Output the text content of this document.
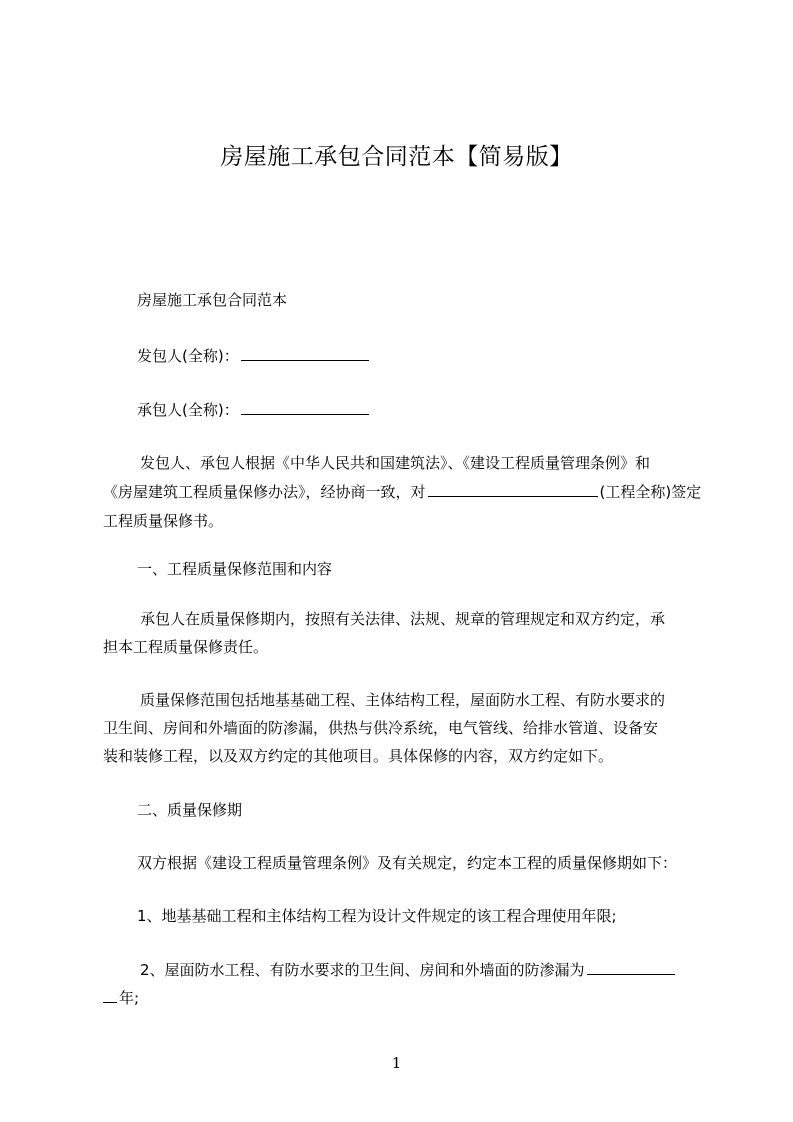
房屋施工承包合同范本【简易版】
房屋施工承包合同范本
发包人(全称)：
承包人(全称)：
发包人、承包人根据《中华人民共和国建筑法》、《建设工程质量管理条例》和
《房屋建筑工程质量保修办法》，经协商一致，对	(工程全称)签定
工程质量保修书。
一、工程质量保修范围和内容
承包人在质量保修期内，按照有关法律、法规、规章的管理规定和双方约定，承
担本工程质量保修责任。
质量保修范围包括地基基础工程、主体结构工程，屋面防水工程、有防水要求的
卫生间、房间和外墙面的防渗漏，供热与供冷系统，电气管线、给排水管道、设备安
装和装修工程，以及双方约定的其他项目。具体保修的内容，双方约定如下。
二、质量保修期
双方根据《建设工程质量管理条例》及有关规定，约定本工程的质量保修期如下：
1、地基基础工程和主体结构工程为设计文件规定的该工程合理使用年限;
2、屋面防水工程、有防水要求的卫生间、房间和外墙面的防渗漏为
年;
1
